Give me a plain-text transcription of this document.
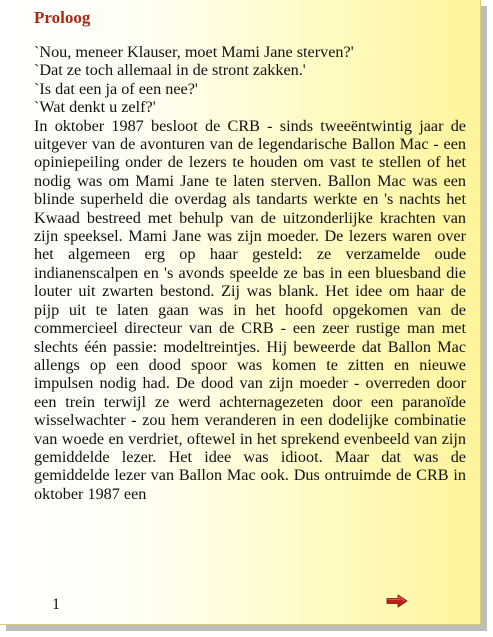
Proloog

`Nou, meneer Klauser, moet Mami Jane sterven?'

`Dat ze toch allemaal in de stront zakken.'

`Is dat een ja of een nee?'

`Wat denkt u zelf?'

In oktober 1987 besloot de CRB - sinds tweeëntwintig jaar de uitgever van de avonturen van de legendarische Ballon Mac - een opiniepeiling onder de lezers te houden om vast te stellen of het nodig was om Mami Jane te laten sterven. Ballon Mac was een blinde superheld die overdag als tandarts werkte en 's nachts het Kwaad bestreed met behulp van de uitzonderlijke krachten van zijn speeksel. Mami Jane was zijn moeder. De lezers waren over het algemeen erg op haar gesteld: ze verzamelde oude indianenscalpen en 's avonds speelde ze bas in een bluesband die louter uit zwarten bestond. Zij was blank. Het idee om haar de pijp uit te laten gaan was in het hoofd opgekomen van de commercieel directeur van de CRB - een zeer rustige man met slechts één passie: modeltreintjes. Hij beweerde dat Ballon Mac allengs op een dood spoor was komen te zitten en nieuwe impulsen nodig had. De dood van zijn moeder - overreden door een trein terwijl ze werd achternagezeten door een paranoïde wisselwachter - zou hem veranderen in een dodelijke combinatie van woede en verdriet, oftewel in het sprekend evenbeeld van zijn gemiddelde lezer. Het idee was idioot. Maar dat was de gemiddelde lezer van Ballon Mac ook. Dus ontruimde de CRB in oktober 1987 een

1
